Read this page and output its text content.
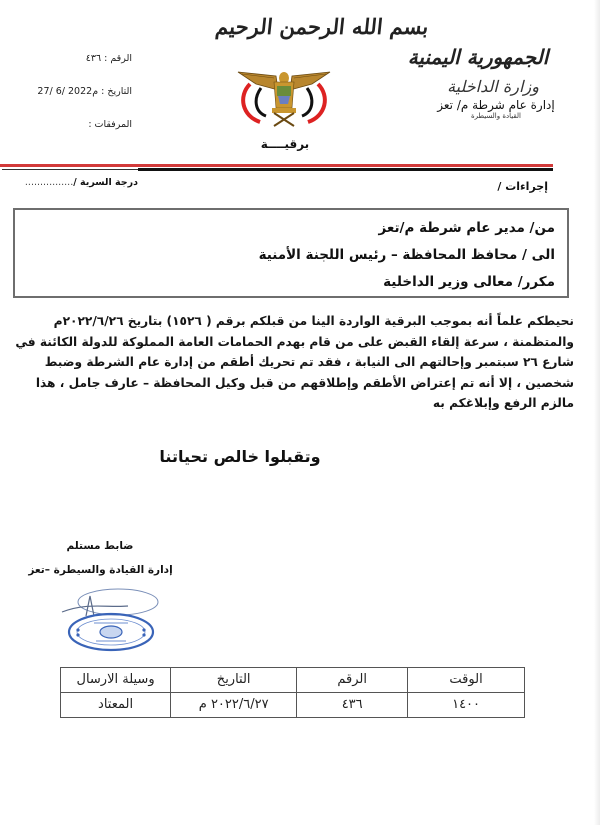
بسم الله الرحمن الرحيم
برقيــــة
الجمهورية اليمنية
وزارة الداخلية
إدارة عام شرطة م/ تعز
القيادة والسيطرة
الرقم : ٤٣٦
التاريخ : 27/ 6/ 2022م
المرفقات :
إجراءات /
درجة السرية /................
من/ مدير عام شرطة م/تعز
الى / محافظ المحافظة – رئيس اللجنة الأمنية
مكرر/ معالى وزير الداخلية
نحيطكم علماً أنه بموجب البرقية الواردة الينا من قبلكم برقم ( ١٥٢٦) بتاريخ ٢٠٢٢/٦/٢٦م
والمتظمنة ، سرعة إلقاء القبض على من قام بهدم الحمامات العامة المملوكة للدولة الكائنة في
شارع ٢٦ سبتمبر وإحالتهم الى النيابة ، فقد تم تحريك أطقم من إدارة عام الشرطة وضبط
شخصين ، إلا أنه تم إعتراض الأطقم وإطلاقهم من قبل وكيل المحافظة – عارف جامل ، هذا
مالزم الرفع وإبلاغكم به
وتقبلوا خالص تحياتنا
ضابط مستلم
إدارة القيادة والسيطرة –تعز
الوقت	الرقم	التاريخ	وسيلة الارسال
١٤٠٠	٤٣٦	٢٠٢٢/٦/٢٧ م	المعتاد
